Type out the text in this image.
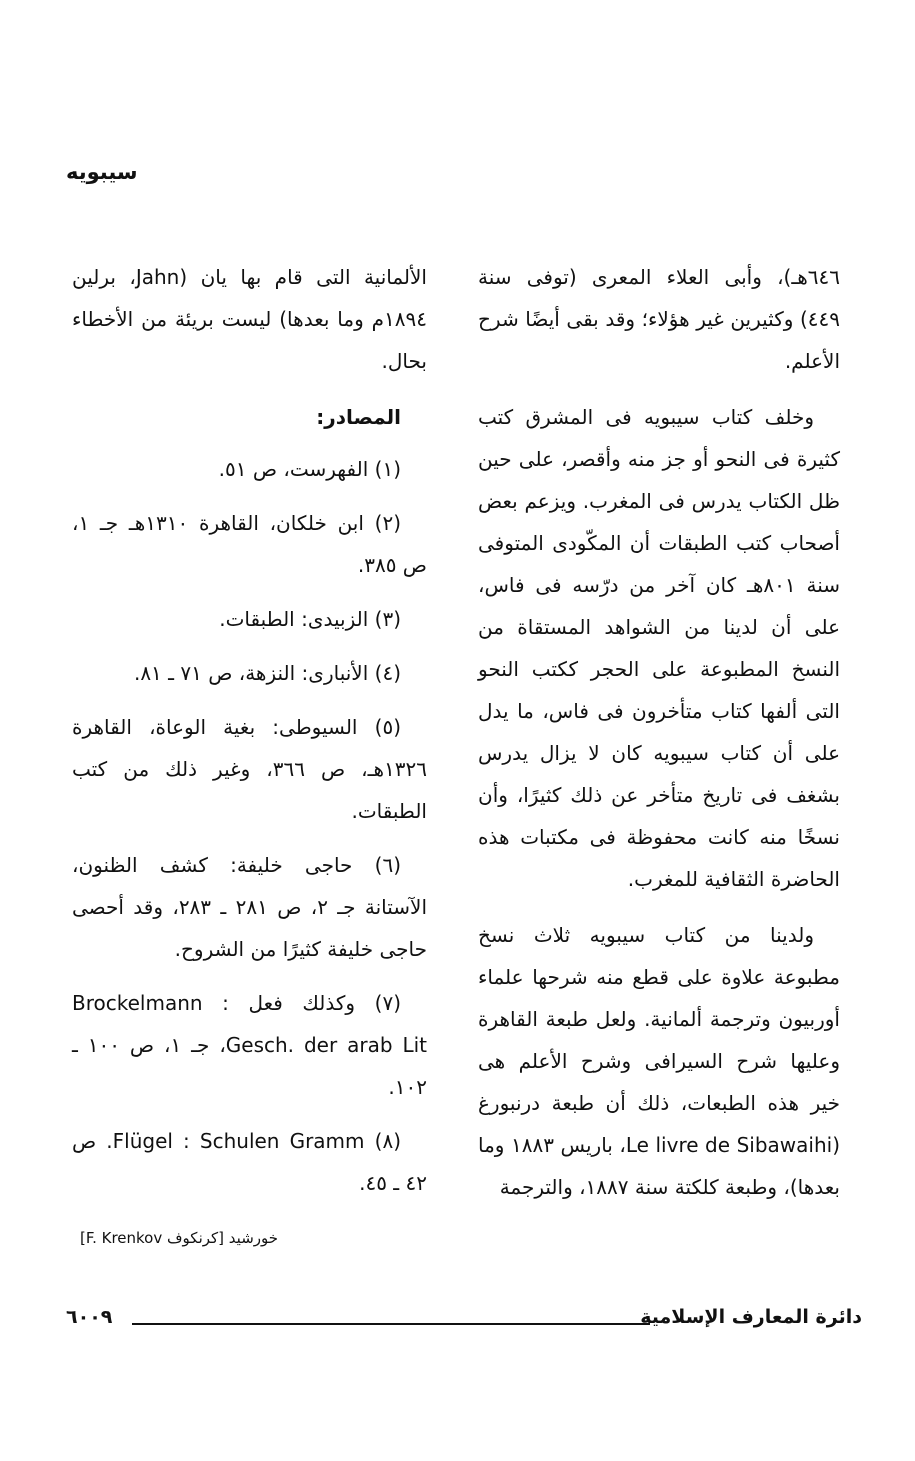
سيبويه

٦٤٦هـ)، وأبى العلاء المعرى (توفى سنة ٤٤٩) وكثيرين غير هؤلاء؛ وقد بقى أيضًا شرح الأعلم.

وخلف كتاب سيبويه فى المشرق كتب كثيرة فى النحو أو جز منه وأقصر، على حين ظل الكتاب يدرس فى المغرب. ويزعم بعض أصحاب كتب الطبقات أن المكّودى المتوفى سنة ٨٠١هـ كان آخر من درّسه فى فاس، على أن لدينا من الشواهد المستقاة من النسخ المطبوعة على الحجر ككتب النحو التى ألفها كتاب متأخرون فى فاس، ما يدل على أن كتاب سيبويه كان لا يزال يدرس بشغف فى تاريخ متأخر عن ذلك كثيرًا، وأن نسخًا منه كانت محفوظة فى مكتبات هذه الحاضرة الثقافية للمغرب.

ولدينا من كتاب سيبويه ثلاث نسخ مطبوعة علاوة على قطع منه شرحها علماء أوربيون وترجمة ألمانية. ولعل طبعة القاهرة وعليها شرح السيرافى وشرح الأعلم هى خير هذه الطبعات، ذلك أن طبعة درنبورغ (Le livre de Sibawaihi، باريس ١٨٨٣ وما بعدها)، وطبعة كلكتة سنة ١٨٨٧، والترجمة

الألمانية التى قام بها يان (Jahn، برلين ١٨٩٤م وما بعدها) ليست بريئة من الأخطاء بحال.

المصادر:

(١) الفهرست، ص ٥١.

(٢) ابن خلكان، القاهرة ١٣١٠هـ جـ ١، ص ٣٨٥.

(٣) الزبيدى: الطبقات.

(٤) الأنبارى: النزهة، ص ٧١ ـ ٨١.

(٥) السيوطى: بغية الوعاة، القاهرة ١٣٢٦هـ، ص ٣٦٦، وغير ذلك من كتب الطبقات.

(٦) حاجى خليفة: كشف الظنون، الآستانة جـ ٢، ص ٢٨١ ـ ٢٨٣، وقد أحصى حاجى خليفة كثيرًا من الشروح.

(٧) وكذلك فعل Brockelmann : Gesch. der arab Lit، جـ ١، ص ١٠٠ ـ ١٠٢.

(٨) Flügel : Schulen Gramm. ص ٤٢ ـ ٤٥.

خورشيد [كرنكوف F. Krenkov]

دائرة المعارف الإسلامية
٦٠٠٩
